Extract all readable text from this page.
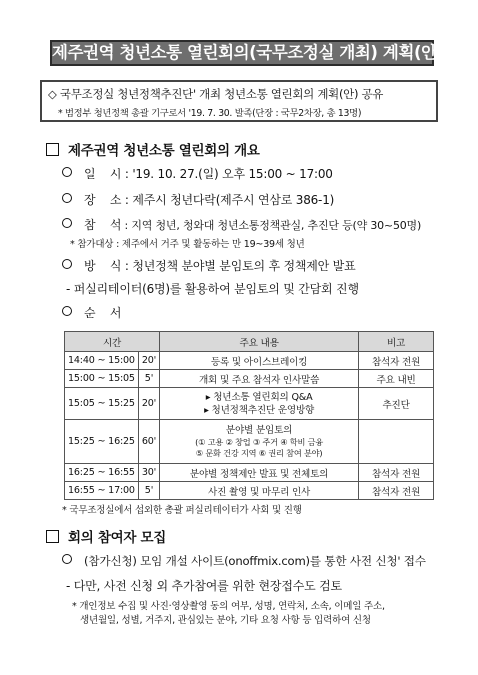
제주권역 청년소통 열린회의(국무조정실 개최) 계획(안)
◇ 국무조정실 청년정책추진단' 개최 청년소통 열린회의 계획(안) 공유
* 범정부 청년정책 총괄 기구로서 '19. 7. 30. 발족(단장 : 국무2차장, 총 13명)
제주권역 청년소통 열린회의 개요
일    시 : '19. 10. 27.(일) 오후 15:00 ~ 17:00
장    소 : 제주시 청년다락(제주시 연삼로 386-1)
참    석 : 지역 청년, 청와대 청년소통정책관실, 추진단 등(약 30~50명)
* 참가대상 : 제주에서 거주 및 활동하는 만 19~39세 청년
방    식 : 청년정책 분야별 분임토의 후 정책제안 발표
- 퍼실리테이터(6명)를 활용하여 분임토의 및 간담회 진행
순    서
시간		주요 내용	비고
14:40 ~ 15:00	20'	등록 및 아이스브레이킹	참석자 전원
15:00 ~ 15:05	5'	개회 및 주요 참석자 인사말씀	주요 내빈
15:05 ~ 15:25	20'	▸ 청년소통 열린회의 Q&A
▸ 청년정책추진단 운영방향	추진단
15:25 ~ 16:25	60'	분야별 분임토의
(① 고용 ② 창업 ③ 주거 ④ 학비 금융
⑤ 문화 건강 지역 ⑥ 권리 참여 분야)	

16:25 ~ 16:55	30'	분야별 정책제안 발표 및 전체토의	참석자 전원
16:55 ~ 17:00	5'	사진 촬영 및 마무리 인사	참석자 전원
* 국무조정실에서 섭외한 총괄 퍼실리테이터가 사회 및 진행
회의 참여자 모집
(참가신청) 모임 개설 사이트(onoffmix.com)를 통한 사전 신청' 접수
- 다만, 사전 신청 외 추가참여를 위한 현장접수도 검토
* 개인정보 수집 및 사진·영상촬영 동의 여부, 성명, 연락처, 소속, 이메일 주소,
생년월일, 성별, 거주지, 관심있는 분야, 기타 요청 사항 등 입력하여 신청
